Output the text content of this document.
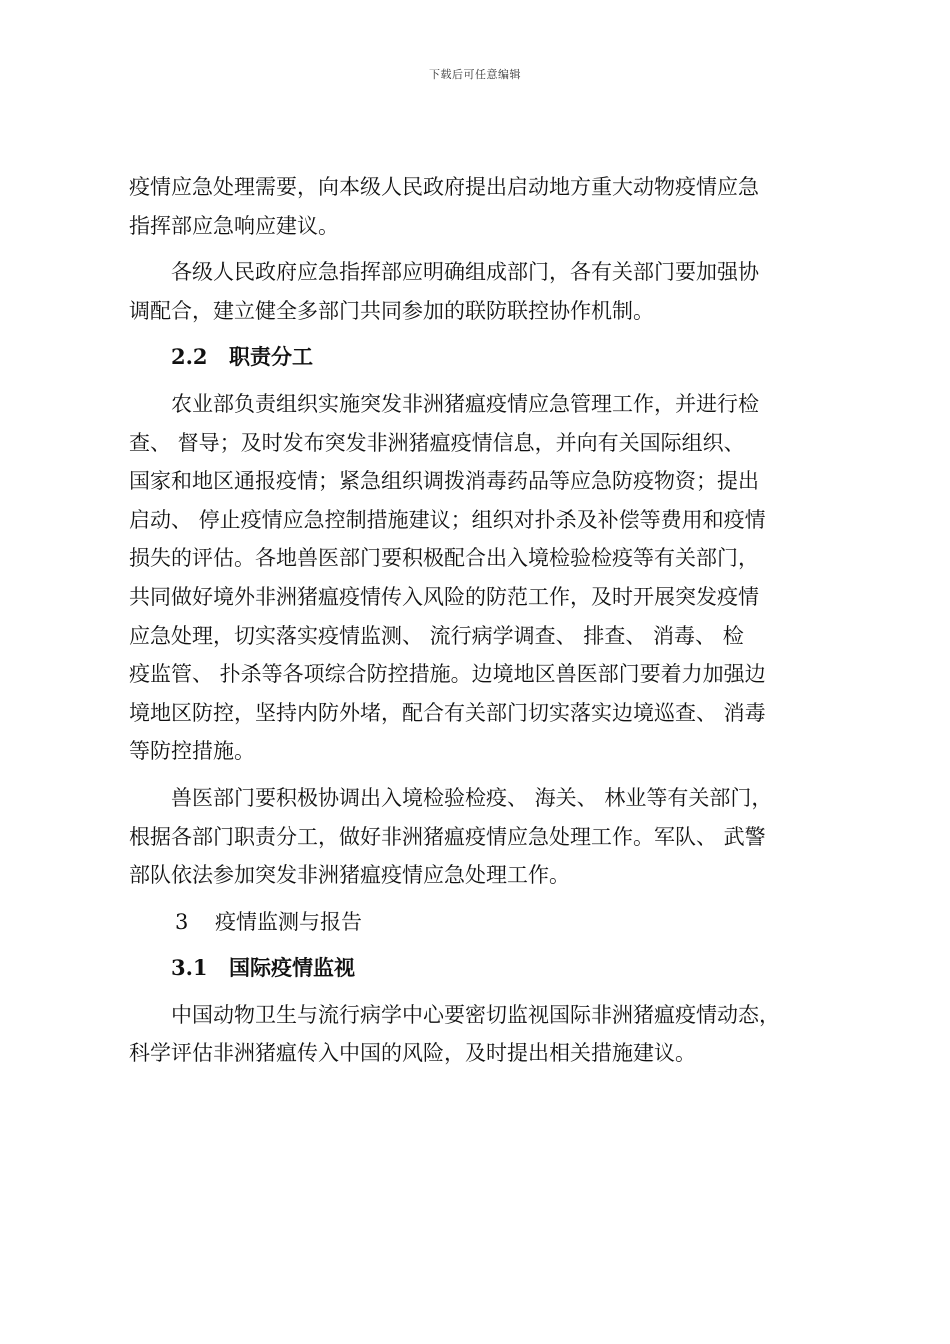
下载后可任意编辑
疫情应急处理需要，向本级人民政府提出启动地方重大动物疫情应急
指挥部应急响应建议。
各级人民政府应急指挥部应明确组成部门，各有关部门要加强协
调配合，建立健全多部门共同参加的联防联控协作机制。
2.2 职责分工
农业部负责组织实施突发非洲猪瘟疫情应急管理工作，并进行检
查、 督导；及时发布突发非洲猪瘟疫情信息，并向有关国际组织、
国家和地区通报疫情；紧急组织调拨消毒药品等应急防疫物资；提出
启动、 停止疫情应急控制措施建议；组织对扑杀及补偿等费用和疫情
损失的评估。各地兽医部门要积极配合出入境检验检疫等有关部门，
共同做好境外非洲猪瘟疫情传入风险的防范工作，及时开展突发疫情
应急处理，切实落实疫情监测、 流行病学调查、 排查、 消毒、 检
疫监管、 扑杀等各项综合防控措施。边境地区兽医部门要着力加强边
境地区防控，坚持内防外堵，配合有关部门切实落实边境巡查、 消毒
等防控措施。
兽医部门要积极协调出入境检验检疫、 海关、 林业等有关部门，
根据各部门职责分工，做好非洲猪瘟疫情应急处理工作。军队、 武警
部队依法参加突发非洲猪瘟疫情应急处理工作。
3 疫情监测与报告
3.1 国际疫情监视
中国动物卫生与流行病学中心要密切监视国际非洲猪瘟疫情动态，
科学评估非洲猪瘟传入中国的风险，及时提出相关措施建议。
